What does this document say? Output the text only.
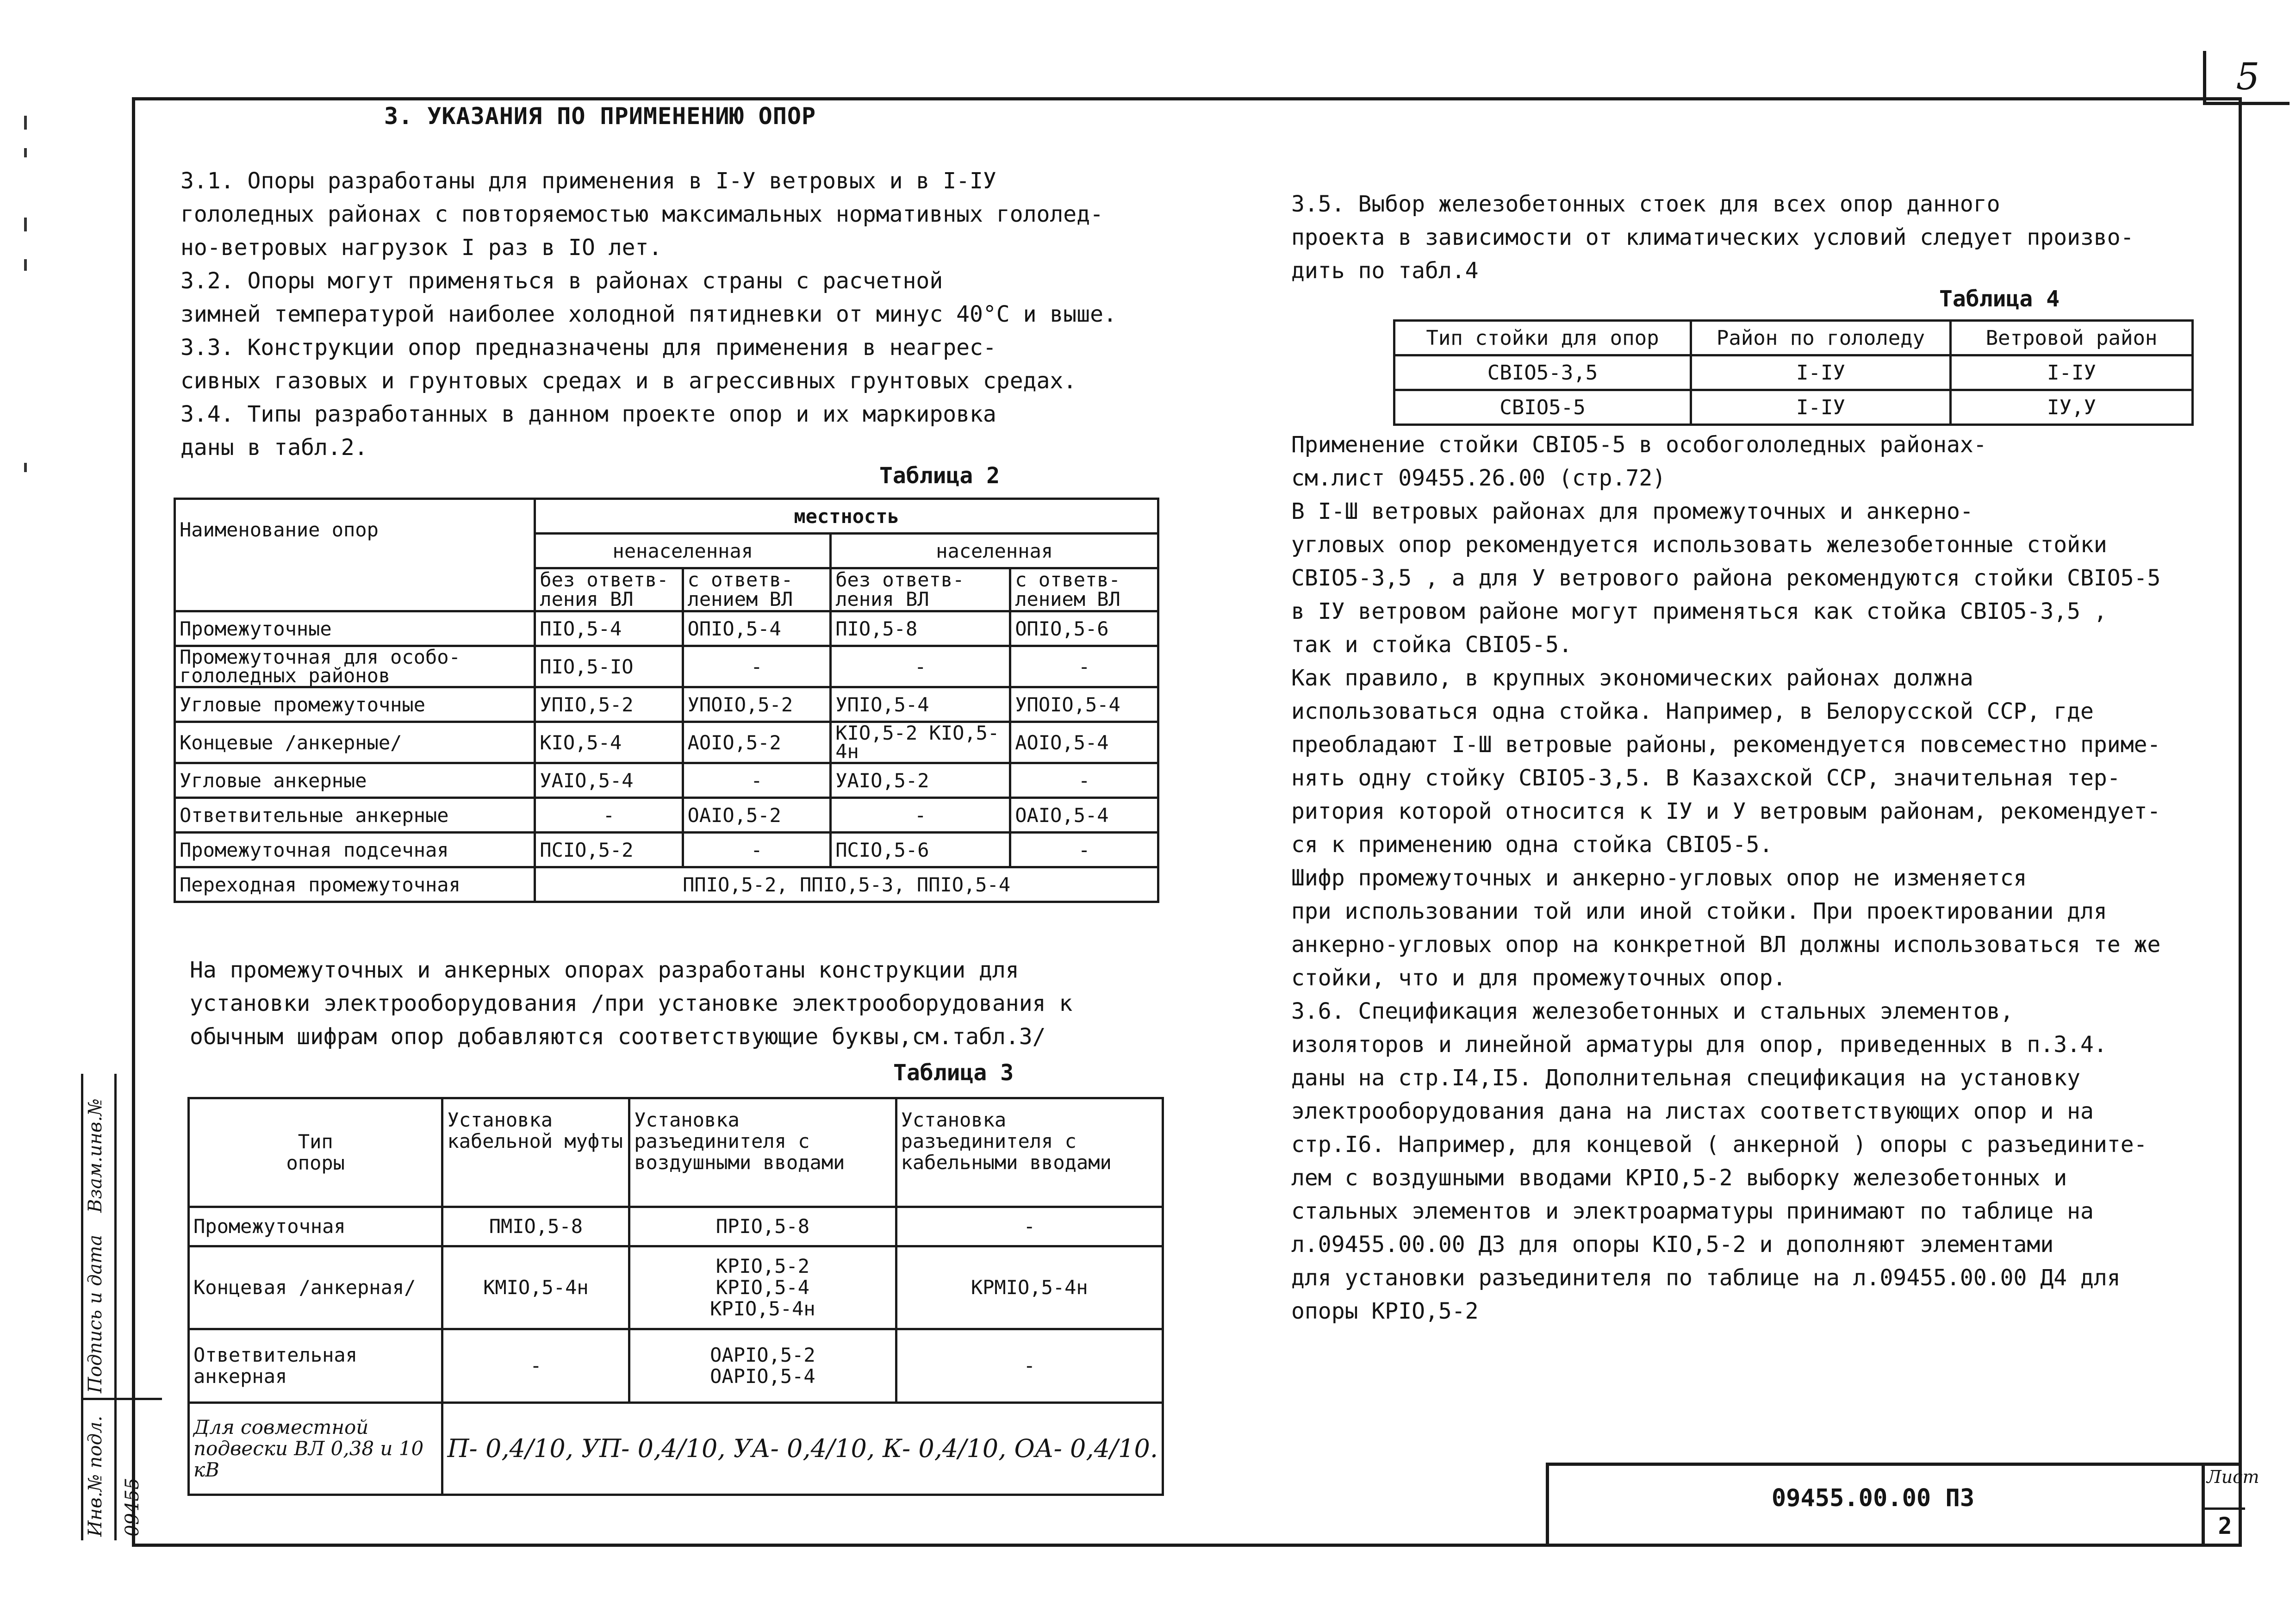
5
3. УКАЗАНИЯ ПО ПРИМЕНЕНИЮ ОПОР

3.1. Опоры разработаны для применения в I-У ветровых и в I-IУ

гололедных районах с повторяемостью максимальных нормативных гололед-

но-ветровых нагрузок I раз в IO лет.

3.2. Опоры могут применяться в районах страны с расчетной

зимней температурой наиболее холодной пятидневки от минус 40°С и выше.

3.3. Конструкции опор предназначены для применения в неагрес-

сивных газовых и грунтовых средах и в агрессивных грунтовых средах.

3.4. Типы разработанных в данном проекте опор и их маркировка

даны в табл.2.

Таблица 2
Наименование опор	местность			
	ненаселенная		населенная	
	без ответв-ления ВЛ	с ответв-лением ВЛ	без ответв-ления ВЛ	с ответв-лением ВЛ
Промежуточные	ПIO,5-4	ОПIO,5-4	ПIO,5-8	ОПIO,5-6
Промежуточная для особо-гололедных районов	ПIO,5-IO	-	-	-
Угловые промежуточные	УПIO,5-2	УПОIO,5-2	УПIO,5-4	УПОIO,5-4
Концевые /анкерные/	КIO,5-4	АОIO,5-2	КIO,5-2 КIO,5-4н	АОIO,5-4
Угловые анкерные	УАIO,5-4	-	УАIO,5-2	-
Ответвительные анкерные	-	ОАIO,5-2	-	ОАIO,5-4
Промежуточная подсечная	ПСIO,5-2	-	ПСIO,5-6	-
Переходная промежуточная	ППIO,5-2, ППIO,5-3, ППIO,5-4			

На промежуточных и анкерных опорах разработаны конструкции для

установки электрооборудования /при установке электрооборудования к

обычным шифрам опор добавляются соответствующие буквы,см.табл.3/

Таблица 3
Тип опоры	Установка кабельной муфты	Установка разъединителя с воздушными вводами	Установка разъединителя с кабельными вводами
Промежуточная	ПМIO,5-8	ПРIO,5-8	-
Концевая /анкерная/	КМIO,5-4н	КРIO,5-2 КРIO,5-4 КРIO,5-4н	КРМIO,5-4н
Ответвительная анкерная	-	ОАРIO,5-2 ОАРIO,5-4	-
Для совместной подвески ВЛ 0,38 и 10 кВ	П- 0,4/10, УП- 0,4/10, УА- 0,4/10, К- 0,4/10, ОА- 0,4/10.		

3.5. Выбор железобетонных стоек для всех опор данного

проекта в зависимости от климатических условий следует произво-

дить по табл.4

Таблица 4
Тип стойки для опор	Район по гололеду	Ветровой район
СВIO5-3,5	I-IУ	I-IУ
СВIO5-5	I-IУ	IУ,У

Применение стойки СВIO5-5 в особогололедных районах-

см.лист 09455.26.00 (стр.72)

В I-Ш ветровых районах для промежуточных и анкерно-

угловых опор рекомендуется использовать железобетонные стойки

СВIO5-3,5 , а для У ветрового района рекомендуются стойки СВIO5-5

в IУ ветровом районе могут применяться как стойка СВIO5-3,5 ,

так и стойка СВIO5-5.

Как правило, в крупных экономических районах должна

использоваться одна стойка. Например, в Белорусской ССР, где

преобладают I-Ш ветровые районы, рекомендуется повсеместно приме-

нять одну стойку СВIO5-3,5. В Казахской ССР, значительная тер-

ритория которой относится к IУ и У ветровым районам, рекомендует-

ся к применению одна стойка СВIO5-5.

Шифр промежуточных и анкерно-угловых опор не изменяется

при использовании той или иной стойки. При проектировании для

анкерно-угловых опор на конкретной ВЛ должны использоваться те же

стойки, что и для промежуточных опор.

3.6. Спецификация железобетонных и стальных элементов,

изоляторов и линейной арматуры для опор, приведенных в п.3.4.

даны на стр.I4,I5. Дополнительная спецификация на установку

электрооборудования дана на листах соответствующих опор и на

стр.I6. Например, для концевой ( анкерной ) опоры с разъедините-

лем с воздушными вводами КРIO,5-2 выборку железобетонных и

стальных элементов и электроарматуры принимают по таблице на

л.09455.00.00 ДЗ для опоры КIO,5-2 и дополняют элементами

для установки разъединителя по таблице на л.09455.00.00 Д4 для

опоры КРIO,5-2

Инв.№ подл.
Подпись и дата
Взам.инв.№
09455	09455.00.00 ПЗ
Лист
2
